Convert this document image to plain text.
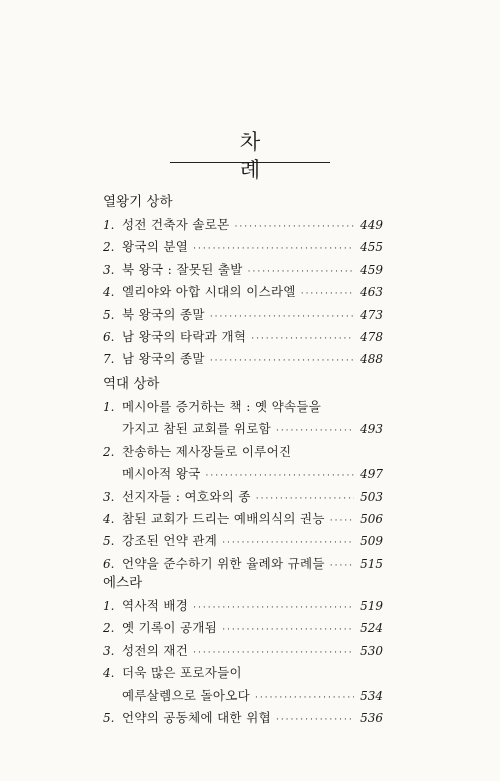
차 례
열왕기 상하
1. 성전 건축자 솔로몬 ·····	449
2. 왕국의 분열 ·····	455
3. 북 왕국 : 잘못된 출발 ·····	459
4. 엘리야와 아합 시대의 이스라엘 ·····	463
5. 북 왕국의 종말 ·····	473
6. 남 왕국의 타락과 개혁 ·····	478
7. 남 왕국의 종말 ·····	488
역대 상하
1. 메시아를 증거하는 책 : 옛 약속들을
가지고 참된 교회를 위로함 ·····	493
2. 찬송하는 제사장들로 이루어진
메시아적 왕국 ·····	497
3. 선지자들 : 여호와의 종 ·····	503
4. 참된 교회가 드리는 예배의식의 권능 ·····	506
5. 강조된 언약 관계 ·····	509
6. 언약을 준수하기 위한 율례와 규례들 ·····	515
에스라
1. 역사적 배경 ·····	519
2. 옛 기록이 공개됨 ·····	524
3. 성전의 재건 ·····	530
4. 더욱 많은 포로자들이
예루살렘으로 돌아오다 ·····	534
5. 언약의 공동체에 대한 위협 ·····	536
